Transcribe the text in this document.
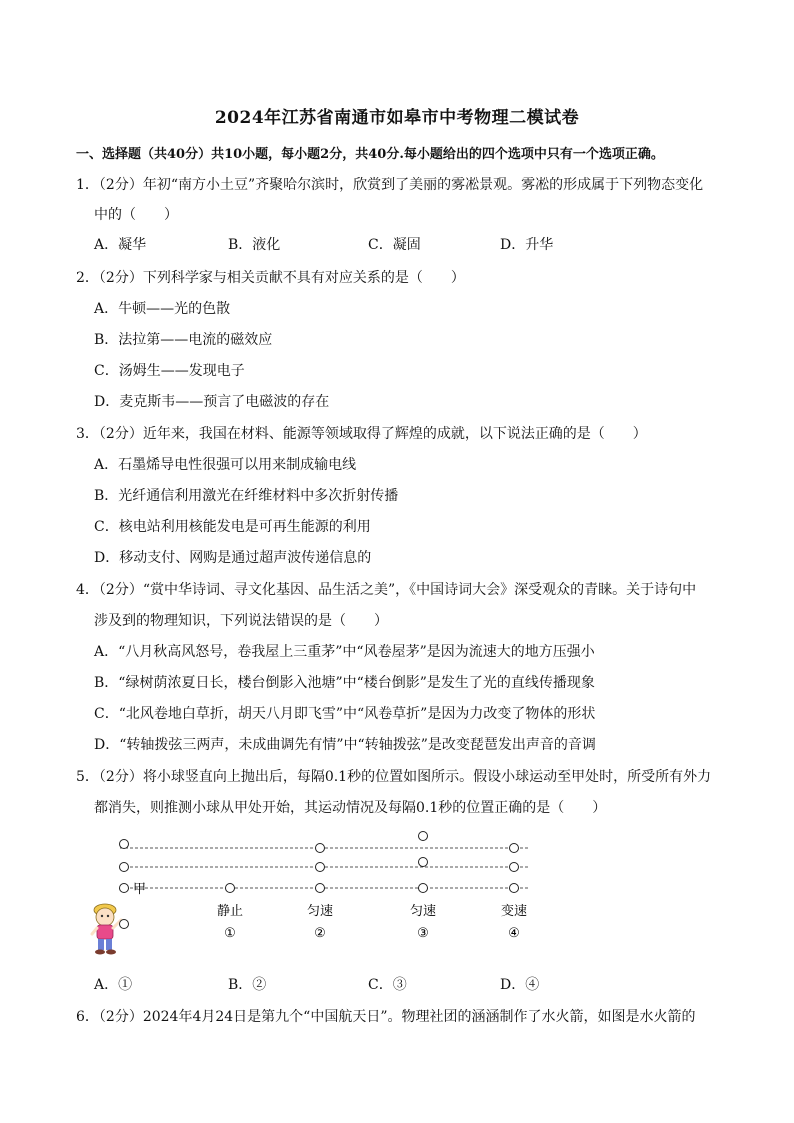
2024年江苏省南通市如皋市中考物理二模试卷
一、选择题（共40分）共10小题，每小题2分，共40分.每小题给出的四个选项中只有一个选项正确。
1．（2分）年初“南方小土豆”齐聚哈尔滨时，欣赏到了美丽的雾凇景观。雾凇的形成属于下列物态变化
中的（　　）
A．凝华	B．液化	C．凝固	D．升华
2．（2分）下列科学家与相关贡献不具有对应关系的是（　　）
A．牛顿——光的色散
B．法拉第——电流的磁效应
C．汤姆生——发现电子
D．麦克斯韦——预言了电磁波的存在
3．（2分）近年来，我国在材料、能源等领域取得了辉煌的成就，以下说法正确的是（　　）
A．石墨烯导电性很强可以用来制成输电线
B．光纤通信利用激光在纤维材料中多次折射传播
C．核电站利用核能发电是可再生能源的利用
D．移动支付、网购是通过超声波传递信息的
4．（2分）“赏中华诗词、寻文化基因、品生活之美”，《中国诗词大会》深受观众的青睐。关于诗句中
涉及到的物理知识，下列说法错误的是（　　）
A．“八月秋高风怒号，卷我屋上三重茅”中“风卷屋茅”是因为流速大的地方压强小
B．“绿树荫浓夏日长，楼台倒影入池塘”中“楼台倒影”是发生了光的直线传播现象
C．“北风卷地白草折，胡天八月即飞雪”中“风卷草折”是因为力改变了物体的形状
D．“转轴拨弦三两声，未成曲调先有情”中“转轴拨弦”是改变琵琶发出声音的音调
5．（2分）将小球竖直向上抛出后，每隔0.1秒的位置如图所示。假设小球运动至甲处时，所受所有外力
都消失，则推测小球从甲处开始，其运动情况及每隔0.1秒的位置正确的是（　　）
甲
静止	匀速	匀速	变速
①	②	③	④
A．①	B．②	C．③	D．④
6．（2分）2024年4月24日是第九个“中国航天日”。物理社团的涵涵制作了水火箭，如图是水火箭的
